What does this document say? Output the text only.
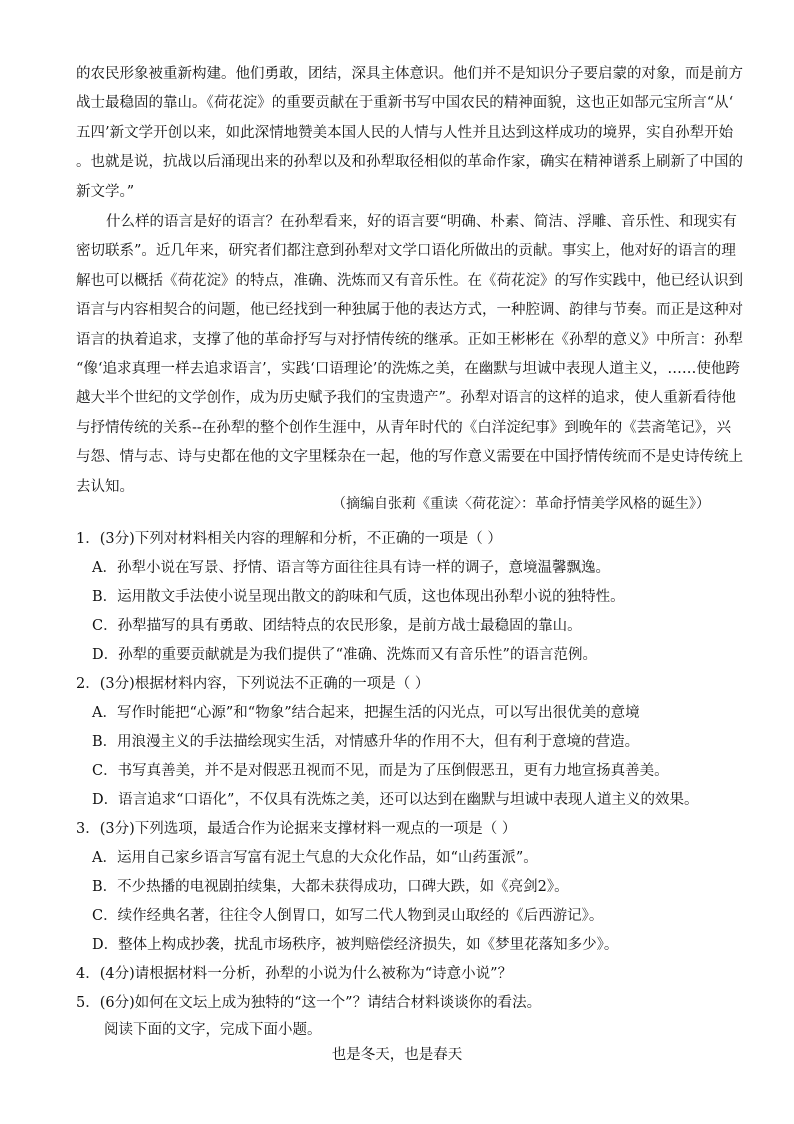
的农民形象被重新构建。他们勇敢，团结，深具主体意识。他们并不是知识分子要启蒙的对象，而是前方
战士最稳固的靠山。《荷花淀》的重要贡献在于重新书写中国农民的精神面貌，这也正如郜元宝所言“从‘
五四’新文学开创以来，如此深情地赞美本国人民的人情与人性并且达到这样成功的境界，实自孙犁开始
。也就是说，抗战以后涌现出来的孙犁以及和孙犁取径相似的革命作家，确实在精神谱系上刷新了中国的
新文学。”
什么样的语言是好的语言？在孙犁看来，好的语言要“明确、朴素、简洁、浮雕、音乐性、和现实有
密切联系”。近几年来，研究者们都注意到孙犁对文学口语化所做出的贡献。事实上，他对好的语言的理
解也可以概括《荷花淀》的特点，准确、洗炼而又有音乐性。在《荷花淀》的写作实践中，他已经认识到
语言与内容相契合的问题，他已经找到一种独属于他的表达方式，一种腔调、韵律与节奏。而正是这种对
语言的执着追求，支撑了他的革命抒写与对抒情传统的继承。正如王彬彬在《孙犁的意义》中所言：孙犁
“像‘追求真理一样去追求语言’，实践‘口语理论’的洗炼之美，在幽默与坦诚中表现人道主义，……使他跨
越大半个世纪的文学创作，成为历史赋予我们的宝贵遗产”。孙犁对语言的这样的追求，使人重新看待他
与抒情传统的关系--在孙犁的整个创作生涯中，从青年时代的《白洋淀纪事》到晚年的《芸斋笔记》，兴
与怨、情与志、诗与史都在他的文字里糅杂在一起，他的写作意义需要在中国抒情传统而不是史诗传统上
去认知。

（摘编自张莉《重读〈荷花淀〉：革命抒情美学风格的诞生》）

1．(3分)下列对材料相关内容的理解和分析，不正确的一项是（ ）

A．孙犁小说在写景、抒情、语言等方面往往具有诗一样的调子，意境温馨飘逸。

B．运用散文手法使小说呈现出散文的韵味和气质，这也体现出孙犁小说的独特性。

C．孙犁描写的具有勇敢、团结特点的农民形象，是前方战士最稳固的靠山。

D．孙犁的重要贡献就是为我们提供了“准确、洗炼而又有音乐性”的语言范例。

2．(3分)根据材料内容，下列说法不正确的一项是（ ）

A．写作时能把“心源”和“物象”结合起来，把握生活的闪光点，可以写出很优美的意境

B．用浪漫主义的手法描绘现实生活，对情感升华的作用不大，但有利于意境的营造。

C．书写真善美，并不是对假恶丑视而不见，而是为了压倒假恶丑，更有力地宣扬真善美。

D．语言追求“口语化”，不仅具有洗炼之美，还可以达到在幽默与坦诚中表现人道主义的效果。

3．(3分)下列选项，最适合作为论据来支撑材料一观点的一项是（ ）

A．运用自己家乡语言写富有泥土气息的大众化作品，如“山药蛋派”。

B．不少热播的电视剧拍续集，大都未获得成功，口碑大跌，如《亮剑2》。

C．续作经典名著，往往令人倒胃口，如写二代人物到灵山取经的《后西游记》。

D．整体上构成抄袭，扰乱市场秩序，被判赔偿经济损失，如《梦里花落知多少》。

4．(4分)请根据材料一分析，孙犁的小说为什么被称为“诗意小说”？

5．(6分)如何在文坛上成为独特的“这一个”？请结合材料谈谈你的看法。

阅读下面的文字，完成下面小题。

也是冬天，也是春天
